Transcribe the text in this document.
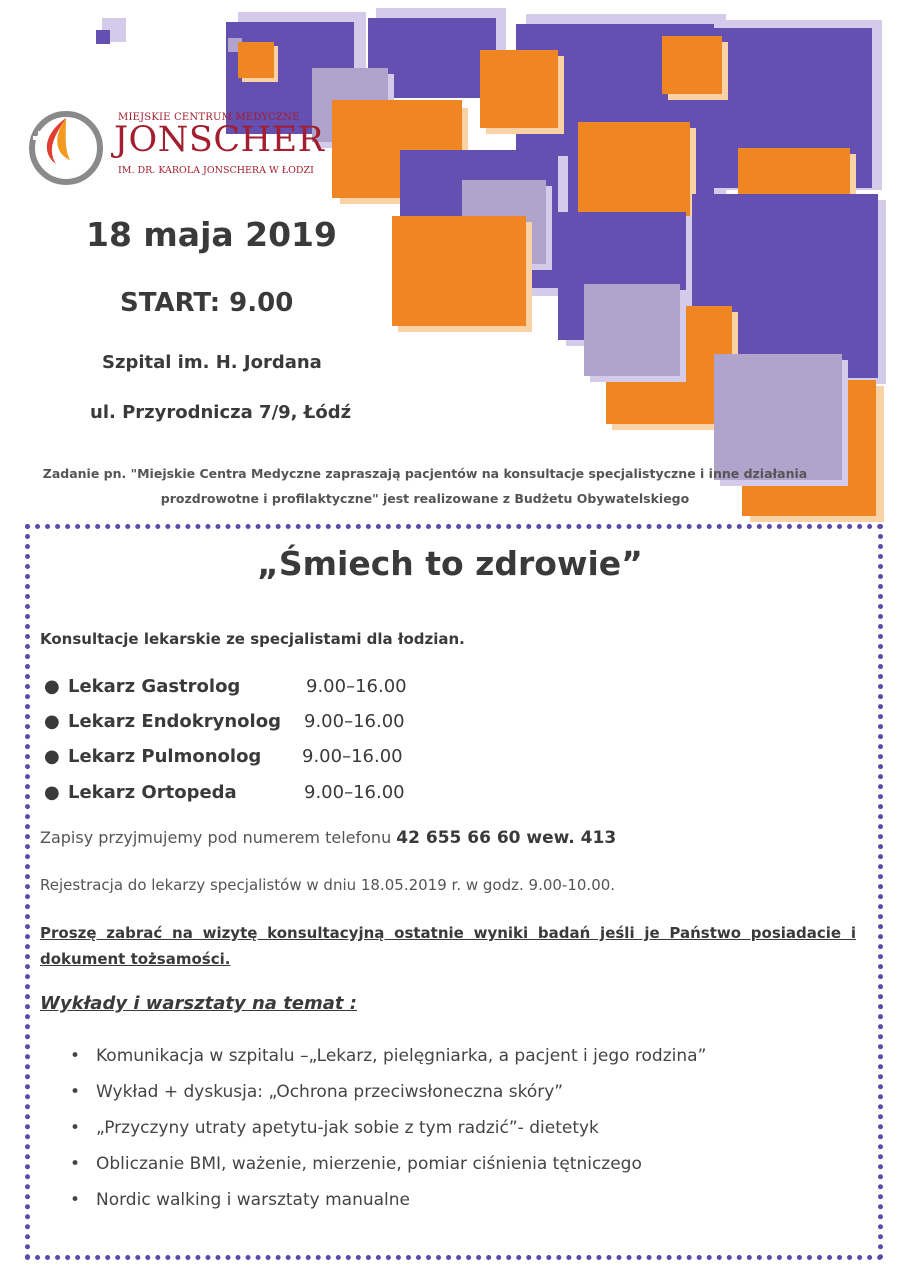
MIEJSKIE CENTRUM MEDYCZNE
JONSCHER
IM. DR. KAROLA JONSCHERA W ŁODZI
18 maja 2019
START: 9.00
Szpital im. H. Jordana
ul. Przyrodnicza 7/9, Łódź
Zadanie pn. "Miejskie Centra Medyczne zapraszają pacjentów na konsultacje specjalistyczne i inne działania prozdrowotne i profilaktyczne" jest realizowane z Budżetu Obywatelskiego
„Śmiech to zdrowie”
Konsultacje lekarskie ze specjalistami dla łodzian.
● Lekarz Gastrolog	9.00–16.00
● Lekarz Endokrynolog 9.00–16.00
● Lekarz Pulmonolog 9.00–16.00
● Lekarz Ortopeda	9.00–16.00
Zapisy przyjmujemy pod numerem telefonu 42 655 66 60 wew. 413
Rejestracja do lekarzy specjalistów w dniu 18.05.2019 r. w godz. 9.00-10.00.
Proszę zabrać na wizytę konsultacyjną ostatnie wyniki badań jeśli je Państwo posiadacie i dokument tożsamości.
Wykłady i warsztaty na temat :
• Komunikacja w szpitalu –„Lekarz, pielęgniarka, a pacjent i jego rodzina”
• Wykład + dyskusja: „Ochrona przeciwsłoneczna skóry”
• „Przyczyny utraty apetytu-jak sobie z tym radzić”- dietetyk
• Obliczanie BMI, ważenie, mierzenie, pomiar ciśnienia tętniczego
• Nordic walking i warsztaty manualne
